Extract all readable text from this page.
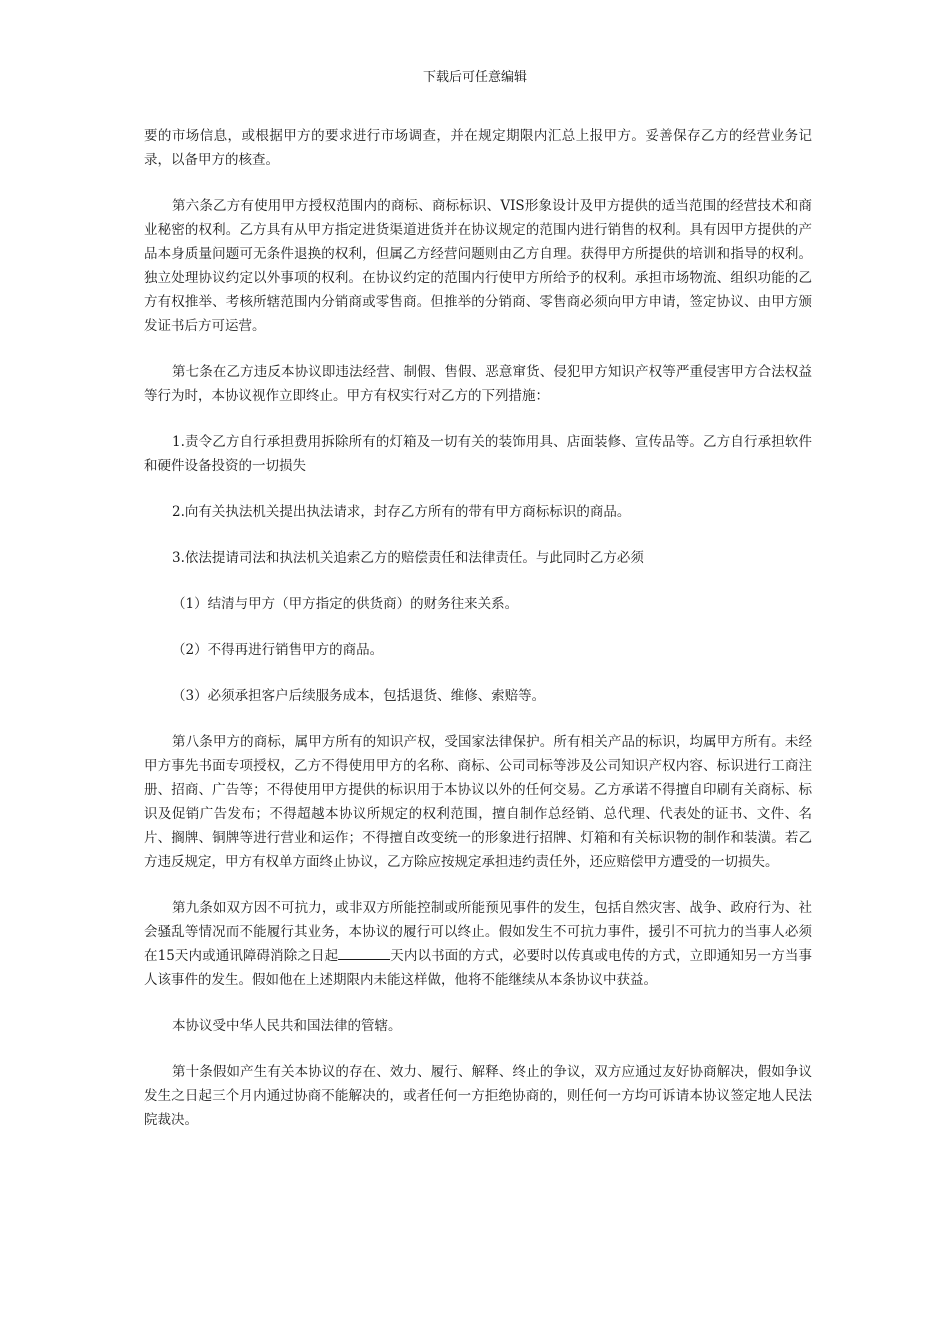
下载后可任意编辑

要的市场信息，或根据甲方的要求进行市场调查，并在规定期限内汇总上报甲方。妥善保存乙方的经营业务记录，以备甲方的核查。

第六条乙方有使用甲方授权范围内的商标、商标标识、VIS形象设计及甲方提供的适当范围的经营技术和商业秘密的权利。乙方具有从甲方指定进货渠道进货并在协议规定的范围内进行销售的权利。具有因甲方提供的产品本身质量问题可无条件退换的权利，但属乙方经营问题则由乙方自理。获得甲方所提供的培训和指导的权利。独立处理协议约定以外事项的权利。在协议约定的范围内行使甲方所给予的权利。承担市场物流、组织功能的乙方有权推举、考核所辖范围内分销商或零售商。但推举的分销商、零售商必须向甲方申请，签定协议、由甲方颁发证书后方可运营。

第七条在乙方违反本协议即违法经营、制假、售假、恶意窜货、侵犯甲方知识产权等严重侵害甲方合法权益等行为时，本协议视作立即终止。甲方有权实行对乙方的下列措施：

1.责令乙方自行承担费用拆除所有的灯箱及一切有关的装饰用具、店面装修、宣传品等。乙方自行承担软件和硬件设备投资的一切损失

2.向有关执法机关提出执法请求，封存乙方所有的带有甲方商标标识的商品。

3.依法提请司法和执法机关追索乙方的赔偿责任和法律责任。与此同时乙方必须

（1）结清与甲方（甲方指定的供货商）的财务往来关系。

（2）不得再进行销售甲方的商品。

（3）必须承担客户后续服务成本，包括退货、维修、索赔等。

第八条甲方的商标，属甲方所有的知识产权，受国家法律保护。所有相关产品的标识，均属甲方所有。未经甲方事先书面专项授权，乙方不得使用甲方的名称、商标、公司司标等涉及公司知识产权内容、标识进行工商注册、招商、广告等；不得使用甲方提供的标识用于本协议以外的任何交易。乙方承诺不得擅自印刷有关商标、标识及促销广告发布；不得超越本协议所规定的权利范围，擅自制作总经销、总代理、代表处的证书、文件、名片、搁牌、铜牌等进行营业和运作；不得擅自改变统一的形象进行招牌、灯箱和有关标识物的制作和装潢。若乙方违反规定，甲方有权单方面终止协议，乙方除应按规定承担违约责任外，还应赔偿甲方遭受的一切损失。

第九条如双方因不可抗力，或非双方所能控制或所能预见事件的发生，包括自然灾害、战争、政府行为、社会骚乱等情况而不能履行其业务，本协议的履行可以终止。假如发生不可抗力事件，援引不可抗力的当事人必须在15天内或通讯障碍消除之日起	天内以书面的方式，必要时以传真或电传的方式，立即通知另一方当事人该事件的发生。假如他在上述期限内未能这样做，他将不能继续从本条协议中获益。

本协议受中华人民共和国法律的管辖。

第十条假如产生有关本协议的存在、效力、履行、解释、终止的争议，双方应通过友好协商解决，假如争议发生之日起三个月内通过协商不能解决的，或者任何一方拒绝协商的，则任何一方均可诉请本协议签定地人民法院裁决。
